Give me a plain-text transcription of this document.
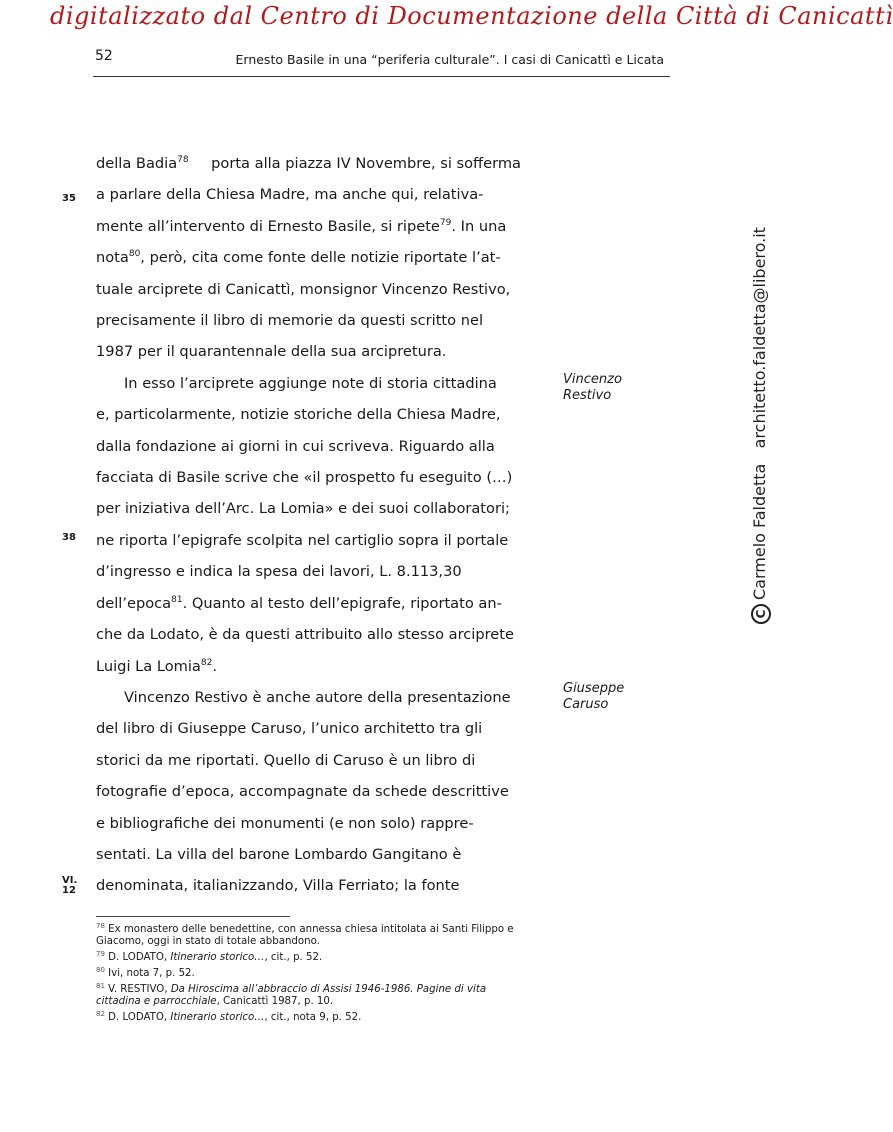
digitalizzato dal Centro di Documentazione della Città di Canicattì
52	Ernesto Basile in una “periferia culturale”. I casi di Canicattì e Licata
35
38
VI.
12
Vincenzo
Restivo
Giuseppe
Caruso
CCarmelo Faldetta   architetto.faldetta@libero.it

della Badia$^{78}$ porta alla piazza IV Novembre, si sofferma

a parlare della Chiesa Madre, ma anche qui, relativa-

mente all’intervento di Ernesto Basile, si ripete$^{79}$. In una

nota$^{80}$, però, cita come fonte delle notizie riportate l’at-

tuale arciprete di Canicattì, monsignor Vincenzo Restivo,

precisamente il libro di memorie da questi scritto nel

1987 per il quarantennale della sua arcipretura.

In esso l’arciprete aggiunge note di storia cittadina

e, particolarmente, notizie storiche della Chiesa Madre,

dalla fondazione ai giorni in cui scriveva. Riguardo alla

facciata di Basile scrive che «il prospetto fu eseguito (…)

per iniziativa dell’Arc. La Lomia» e dei suoi collaboratori;

ne riporta l’epigrafe scolpita nel cartiglio sopra il portale

d’ingresso e indica la spesa dei lavori, L. 8.113,30

dell’epoca$^{81}$. Quanto al testo dell’epigrafe, riportato an-

che da Lodato, è da questi attribuito allo stesso arciprete

Luigi La Lomia$^{82}$.

Vincenzo Restivo è anche autore della presentazione

del libro di Giuseppe Caruso, l’unico architetto tra gli

storici da me riportati. Quello di Caruso è un libro di

fotografie d’epoca, accompagnate da schede descrittive

e bibliografiche dei monumenti (e non solo) rappre-

sentati. La villa del barone Lombardo Gangitano è

denominata, italianizzando, Villa Ferriato; la fonte

$^{78}$ Ex monastero delle benedettine, con annessa chiesa intitolata ai Santi Filippo e Giacomo, oggi in stato di totale abbandono.

$^{79}$ D. LODATO, Itinerario storico…, cit., p. 52.

$^{80}$ Ivi, nota 7, p. 52.

$^{81}$ V. RESTIVO, Da Hiroscima all’abbraccio di Assisi 1946-1986. Pagine di vita cittadina e parrocchiale, Canicattì 1987, p. 10.

$^{82}$ D. LODATO, Itinerario storico…, cit., nota 9, p. 52.
